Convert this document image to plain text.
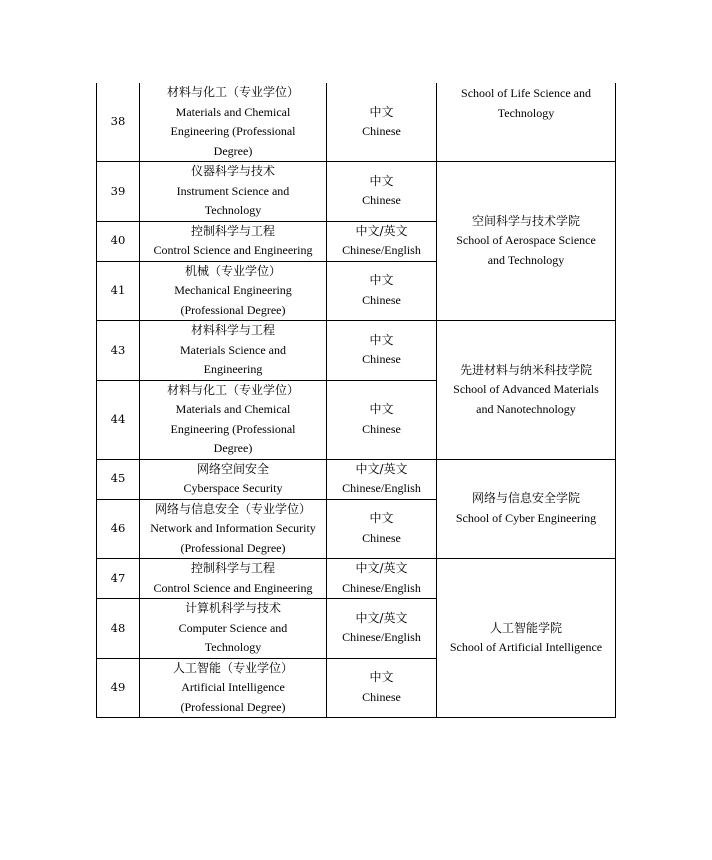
38	材料与化工（专业学位）
Materials and Chemical
Engineering (Professional
Degree)	中文
Chinese	School of Life Science and
Technology

39	仪器科学与技术
Instrument Science and
Technology	中文
Chinese	空间科学与技术学院
School of Aerospace Science
and Technology

40	控制科学与工程
Control Science and Engineering	中文/英文
Chinese/English	

41	机械（专业学位）
Mechanical Engineering
(Professional Degree)	中文
Chinese	

43	材料科学与工程
Materials Science and
Engineering	中文
Chinese	先进材料与纳米科技学院
School of Advanced Materials
and Nanotechnology

44	材料与化工（专业学位）
Materials and Chemical
Engineering (Professional
Degree)	中文
Chinese	

45	网络空间安全
Cyberspace Security	中文/英文
Chinese/English	网络与信息安全学院
School of Cyber Engineering

46	网络与信息安全（专业学位）
Network and Information Security
(Professional Degree)	中文
Chinese	

47	控制科学与工程
Control Science and Engineering	中文/英文
Chinese/English	人工智能学院
School of Artificial Intelligence

48	计算机科学与技术
Computer Science and
Technology	中文/英文
Chinese/English	

49	人工智能（专业学位）
Artificial Intelligence
(Professional Degree)	中文
Chinese	
